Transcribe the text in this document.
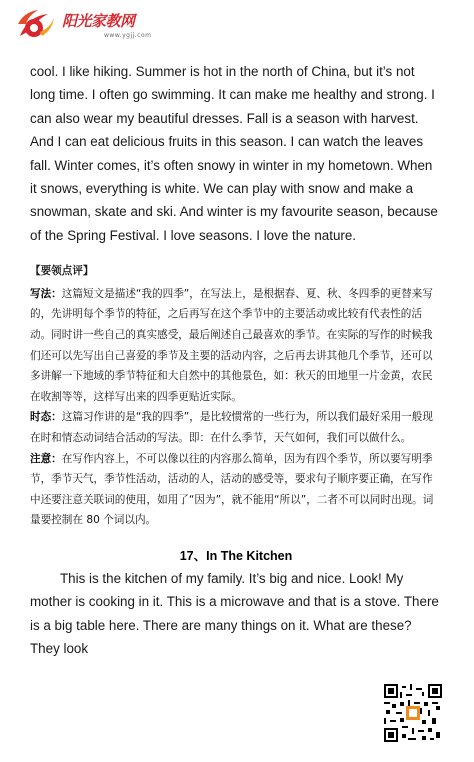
阳光家教网
www.ygjj.com

cool. I like hiking. Summer is hot in the north of China, but it’s not long time. I often go swimming. It can make me healthy and strong. I can also wear my beautiful dresses. Fall is a season with harvest. And I can eat delicious fruits in this season. I can watch the leaves fall. Winter comes, it’s often snowy in winter in my hometown. When it snows, everything is white. We can play with snow and make a snowman, skate and ski. And winter is my favourite season, because of the Spring Festival. I love seasons. I love the nature.

【要领点评】

写法：这篇短文是描述“我的四季”，在写法上，是根据春、夏、秋、冬四季的更替来写的，先讲明每个季节的特征，之后再写在这个季节中的主要活动或比较有代表性的活动。同时讲一些自己的真实感受，最后阐述自己最喜欢的季节。在实际的写作的时候我们还可以先写出自己喜爱的季节及主要的活动内容，之后再去讲其他几个季节，还可以多讲解一下地域的季节特征和大自然中的其他景色，如：秋天的田地里一片金黄，农民在收割等等，这样写出来的四季更贴近实际。

时态：这篇习作讲的是“我的四季”，是比较惯常的一些行为，所以我们最好采用一般现在时和情态动词结合活动的写法。即：在什么季节，天气如何，我们可以做什么。

注意：在写作内容上，不可以像以往的内容那么简单，因为有四个季节，所以要写明季节，季节天气，季节性活动，活动的人，活动的感受等，要求句子顺序要正确，在写作中还要注意关联词的使用，如用了“因为”，就不能用“所以”，二者不可以同时出现。词量要控制在 80 个词以内。

17、In The Kitchen

This is the kitchen of my family. It’s big and nice. Look! My mother is cooking in it. This is a microwave and that is a stove. There is a big table here. There are many things on it. What are these? They look
